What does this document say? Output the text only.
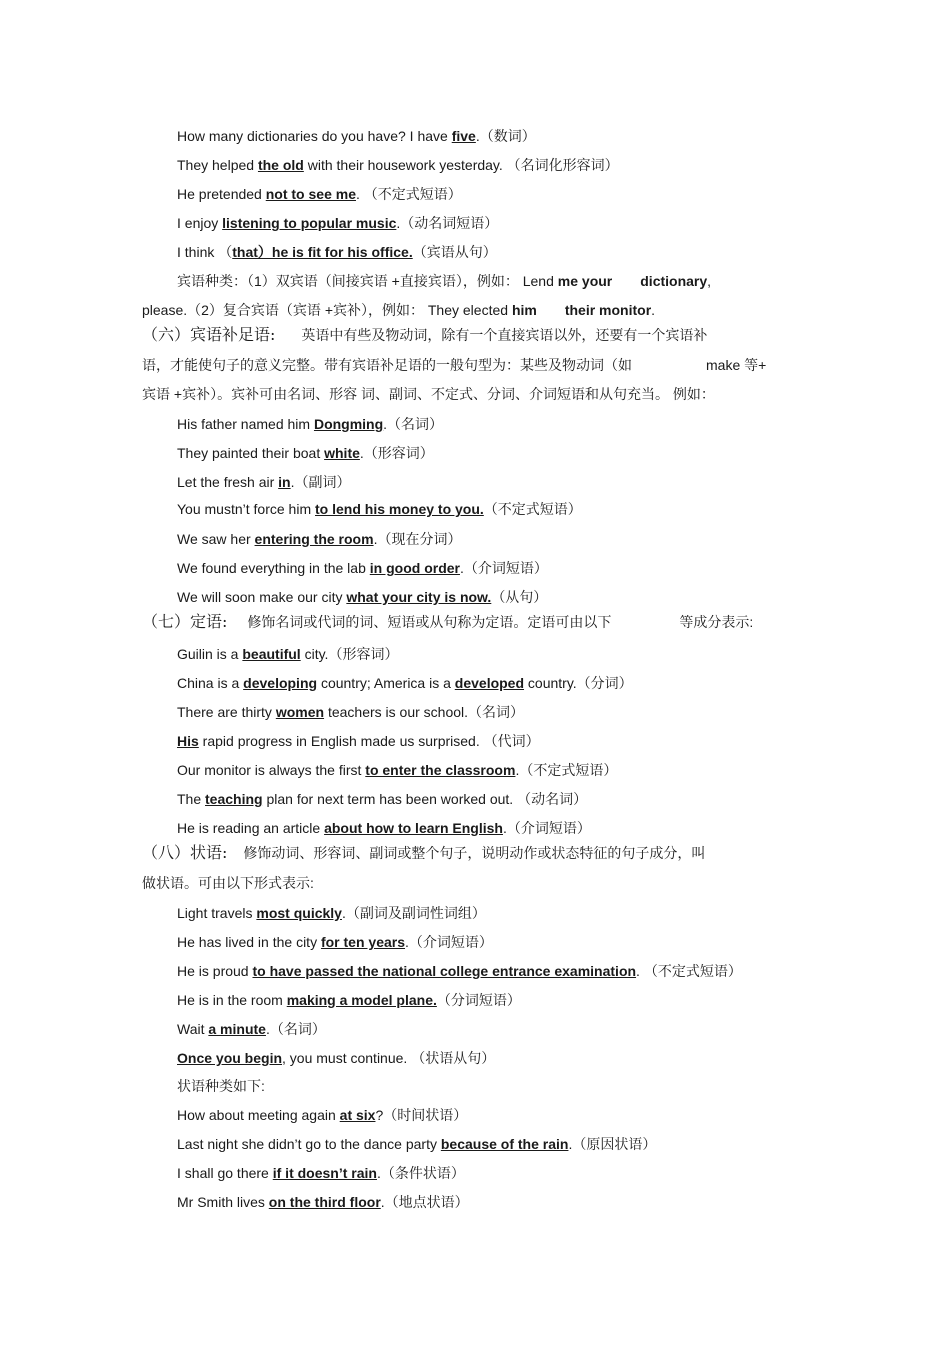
How many dictionaries do you have? I have five.（数词）
They helped the old with their housework yesterday. （名词化形容词）
He pretended not to see me. （不定式短语）
I enjoy listening to popular music.（动名词短语）
I think （that）he is fit for his office.（宾语从句）
宾语种类：（1）双宾语（间接宾语 +直接宾语），例如： Lend me your dictionary,
please.（2）复合宾语（宾语 +宾补），例如： They elected him their monitor.
（六）宾语补足语: 英语中有些及物动词，除有一个直接宾语以外，还要有一个宾语补
语，才能使句子的意义完整。带有宾语补足语的一般句型为：某些及物动词（如	make 等+
宾语 +宾补）。宾补可由名词、形容 词、副词、不定式、分词、介词短语和从句充当。 例如：
His father named him Dongming.（名词）
They painted their boat white.（形容词）
Let the fresh air in.（副词）
You mustn’t force him to lend his money to you.（不定式短语）
We saw her entering the room.（现在分词）
We found everything in the lab in good order.（介词短语）
We will soon make our city what your city is now.（从句）
（七）定语: 修饰名词或代词的词、短语或从句称为定语。定语可由以下	等成分表示:
Guilin is a beautiful city.（形容词）
China is a developing country; America is a developed country.（分词）
There are thirty women teachers is our school.（名词）
His rapid progress in English made us surprised. （代词）
Our monitor is always the first to enter the classroom.（不定式短语）
The teaching plan for next term has been worked out. （动名词）
He is reading an article about how to learn English.（介词短语）
（八）状语: 修饰动词、形容词、副词或整个句子，说明动作或状态特征的句子成分，叫
做状语。可由以下形式表示:
Light travels most quickly.（副词及副词性词组）
He has lived in the city for ten years.（介词短语）
He is proud to have passed the national college entrance examination. （不定式短语）
He is in the room making a model plane.（分词短语）
Wait a minute.（名词）
Once you begin, you must continue. （状语从句）
状语种类如下:
How about meeting again at six?（时间状语）
Last night she didn’t go to the dance party because of the rain.（原因状语）
I shall go there if it doesn’t rain.（条件状语）
Mr Smith lives on the third floor.（地点状语）
